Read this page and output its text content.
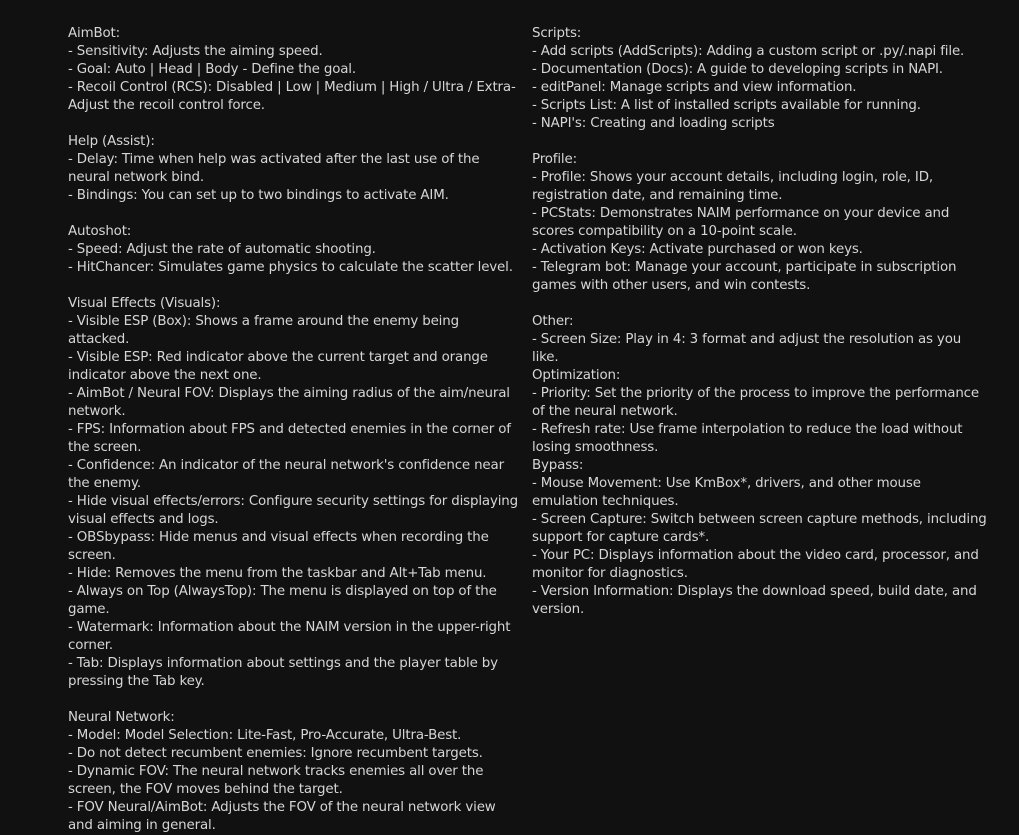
AimBot:
- Sensitivity: Adjusts the aiming speed.
- Goal: Auto | Head | Body - Define the goal.
- Recoil Control (RCS): Disabled | Low | Medium | High / Ultra / Extra- Adjust the recoil control force.
Help (Assist):
- Delay: Time when help was activated after the last use of the neural network bind.
- Bindings: You can set up to two bindings to activate AIM.
Autoshot:
- Speed: Adjust the rate of automatic shooting.
- HitChancer: Simulates game physics to calculate the scatter level.
Visual Effects (Visuals):
- Visible ESP (Box): Shows a frame around the enemy being attacked.
- Visible ESP: Red indicator above the current target and orange indicator above the next one.
- AimBot / Neural FOV: Displays the aiming radius of the aim/neural network.
- FPS: Information about FPS and detected enemies in the corner of the screen.
- Confidence: An indicator of the neural network's confidence near the enemy.
- Hide visual effects/errors: Configure security settings for displaying visual effects and logs.
- OBSbypass: Hide menus and visual effects when recording the screen.
- Hide: Removes the menu from the taskbar and Alt+Tab menu.
- Always on Top (AlwaysTop): The menu is displayed on top of the game.
- Watermark: Information about the NAIM version in the upper-right corner.
- Tab: Displays information about settings and the player table by pressing the Tab key.
Neural Network:
- Model: Model Selection: Lite-Fast, Pro-Accurate, Ultra-Best.
- Do not detect recumbent enemies: Ignore recumbent targets.
- Dynamic FOV: The neural network tracks enemies all over the screen, the FOV moves behind the target.
- FOV Neural/AimBot: Adjusts the FOV of the neural network view and aiming in general.
Scripts:
- Add scripts (AddScripts): Adding a custom script or .py/.napi file.
- Documentation (Docs): A guide to developing scripts in NAPI.
- editPanel: Manage scripts and view information.
- Scripts List: A list of installed scripts available for running.
- NAPI's: Creating and loading scripts
Profile:
- Profile: Shows your account details, including login, role, ID, registration date, and remaining time.
- PCStats: Demonstrates NAIM performance on your device and scores compatibility on a 10-point scale.
- Activation Keys: Activate purchased or won keys.
- Telegram bot: Manage your account, participate in subscription games with other users, and win contests.
Other:
- Screen Size: Play in 4: 3 format and adjust the resolution as you like.
Optimization:
- Priority: Set the priority of the process to improve the performance of the neural network.
- Refresh rate: Use frame interpolation to reduce the load without losing smoothness.
Bypass:
- Mouse Movement: Use KmBox*, drivers, and other mouse emulation techniques.
- Screen Capture: Switch between screen capture methods, including support for capture cards*.
- Your PC: Displays information about the video card, processor, and monitor for diagnostics.
- Version Information: Displays the download speed, build date, and version.
